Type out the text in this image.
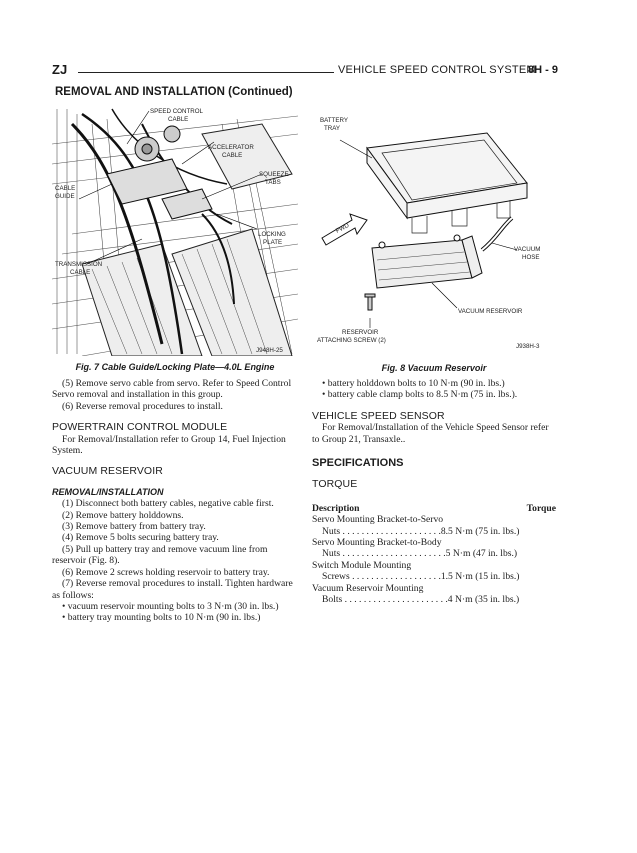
ZJ	VEHICLE SPEED CONTROL SYSTEM
8H - 9
REMOVAL AND INSTALLATION (Continued)
SPEED CONTROL
CABLE
ACCELERATOR
CABLE
SQUEEZE
TABS
CABLE
GUIDE
LOCKING
PLATE
TRANSMISSION
CABLE
J948H-25
Fig. 7 Cable Guide/Locking Plate—4.0L Engine
BATTERY
TRAY
FWD
VACUUM
HOSE
VACUUM RESERVOIR
RESERVOIR
ATTACHING SCREW (2)
J938H-3
Fig. 8 Vacuum Reservoir

(5) Remove servo cable from servo. Refer to Speed Control Servo removal and installation in this group.

(6) Reverse removal procedures to install.

POWERTRAIN CONTROL MODULE

For Removal/Installation refer to Group 14, Fuel Injection System.

VACUUM RESERVOIR
REMOVAL/INSTALLATION

(1) Disconnect both battery cables, negative cable first.

(2) Remove battery holddowns.

(3) Remove battery from battery tray.

(4) Remove 5 bolts securing battery tray.

(5) Pull up battery tray and remove vacuum line from reservoir (Fig. 8).

(6) Remove 2 screws holding reservoir to battery tray.

(7) Reverse removal procedures to install. Tighten hardware as follows:

• vacuum reservoir mounting bolts to 3 N·m (30 in. lbs.)

• battery tray mounting bolts to 10 N·m (90 in. lbs.)

• battery holddown bolts to 10 N·m (90 in. lbs.)
• battery cable clamp bolts to 8.5 N·m (75 in. lbs.).
VEHICLE SPEED SENSOR

For Removal/Installation of the Vehicle Speed Sensor refer to Group 21, Transaxle..

SPECIFICATIONS
TORQUE
Description	Torque
Servo Mounting Bracket-to-Servo
Nuts . . . . . . . . . . . . . . . . . . . . .8.5 N·m (75 in. lbs.)
Servo Mounting Bracket-to-Body
Nuts . . . . . . . . . . . . . . . . . . . . . .5 N·m (47 in. lbs.)
Switch Module Mounting
Screws . . . . . . . . . . . . . . . . . . .1.5 N·m (15 in. lbs.)
Vacuum Reservoir Mounting
Bolts . . . . . . . . . . . . . . . . . . . . . .4 N·m (35 in. lbs.)
